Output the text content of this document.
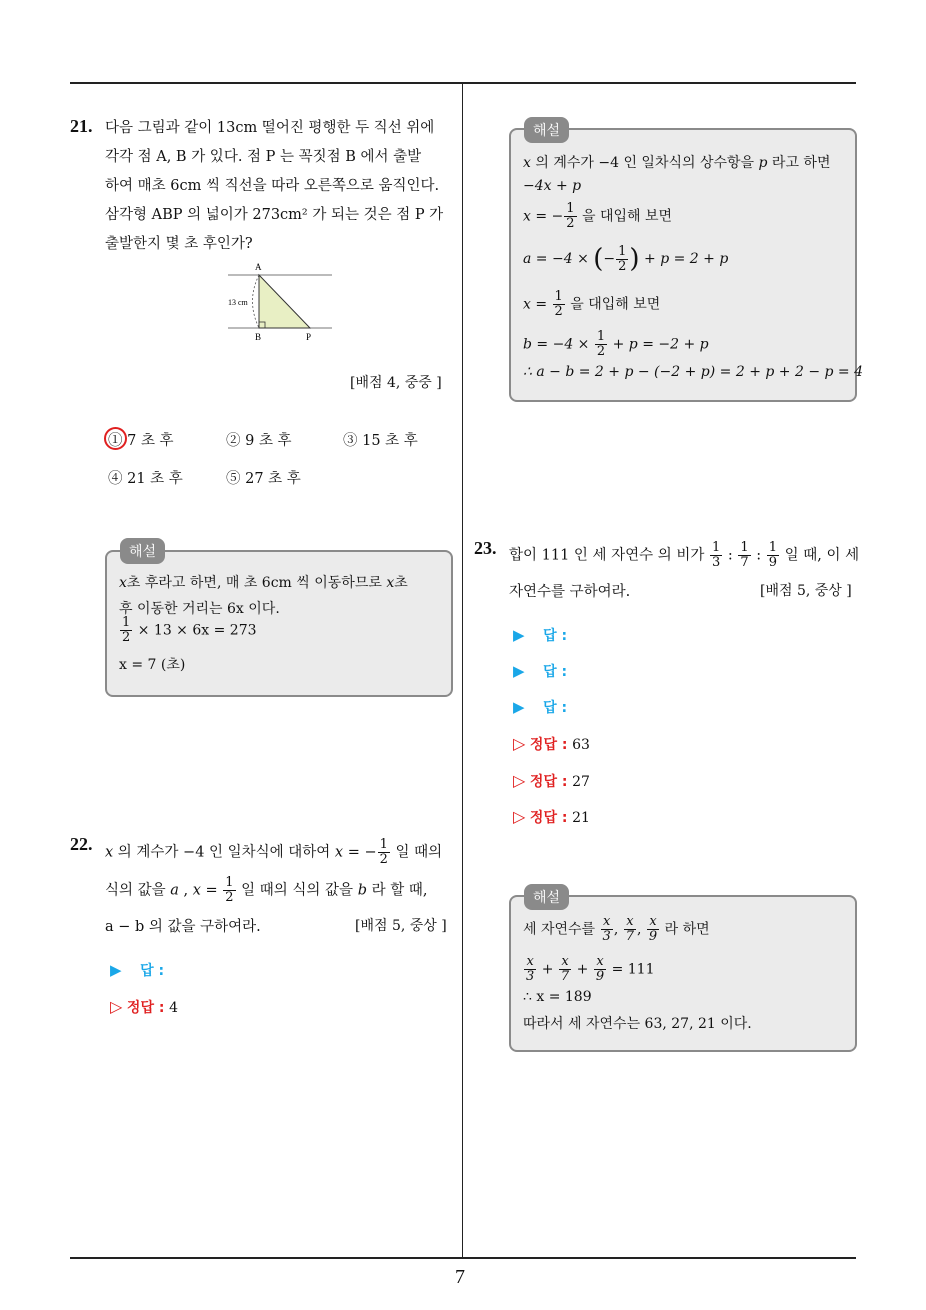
7
21. 다음 그림과 같이 13cm 떨어진 평행한 두 직선 위에
각각 점 A, B 가 있다. 점 P 는 꼭짓점 B 에서 출발
하여 매초 6cm 씩 직선을 따라 오른쪽으로 움직인다.
삼각형 ABP 의 넓이가 273cm² 가 되는 것은 점 P 가
출발한지 몇 초 후인가?
A
B	P
13 cm
[배점 4, 중중 ]
① 7 초 후	② 9 초 후	③ 15 초 후
④ 21 초 후	⑤ 27 초 후
x초 후라고 하면, 매 초 6cm 씩 이동하므로 x초
후 이동한 거리는 6x 이다.
$\frac{1}{2} \times 13 \times 6x = 273$
x = 7 (초)
해설
22. x 의 계수가 −4 인 일차식에 대하여 x = − $\frac{1}{2}$ 일 때의
식의 값을 a , $x = \frac{1}{2}$ 일 때의 식의 값을 b 라 할 때,
a − b 의 값을 구하여라.	[배점 5, 중상 ]
▶ 답 :
▷ 정답 : 4
x 의 계수가 −4 인 일차식의 상수항을 p 라고 하면
−4x + p
x = − $\frac{1}{2}$ 을 대입해 보면
a = −4 × (− $\frac{1}{2}$ ) + p = 2 + p
$x = \frac{1}{2}$ 을 대입해 보면
$b = -4 \times \frac{1}{2} + p = -2 + p$
∴ a − b = 2 + p − (−2 + p) = 2 + p + 2 − p = 4
해설
23. 합이 111 인 세 자연수 의 비가 $\frac{1}{3}$ : $\frac{1}{7}$ : $\frac{1}{9}$ 일 때, 이 세
자연수를 구하여라.	[배점 5, 중상 ]
▶ 답 :
▶ 답 :
▶ 답 :
▷ 정답 : 63
▷ 정답 : 27
▷ 정답 : 21
세 자연수를 $\frac{x}{3}$ , $\frac{x}{7}$ , $\frac{x}{9}$ 라 하면
$\frac{x}{3} + \frac{x}{7} + \frac{x}{9} = 111$
∴ x = 189
따라서 세 자연수는 63, 27, 21 이다.
해설
